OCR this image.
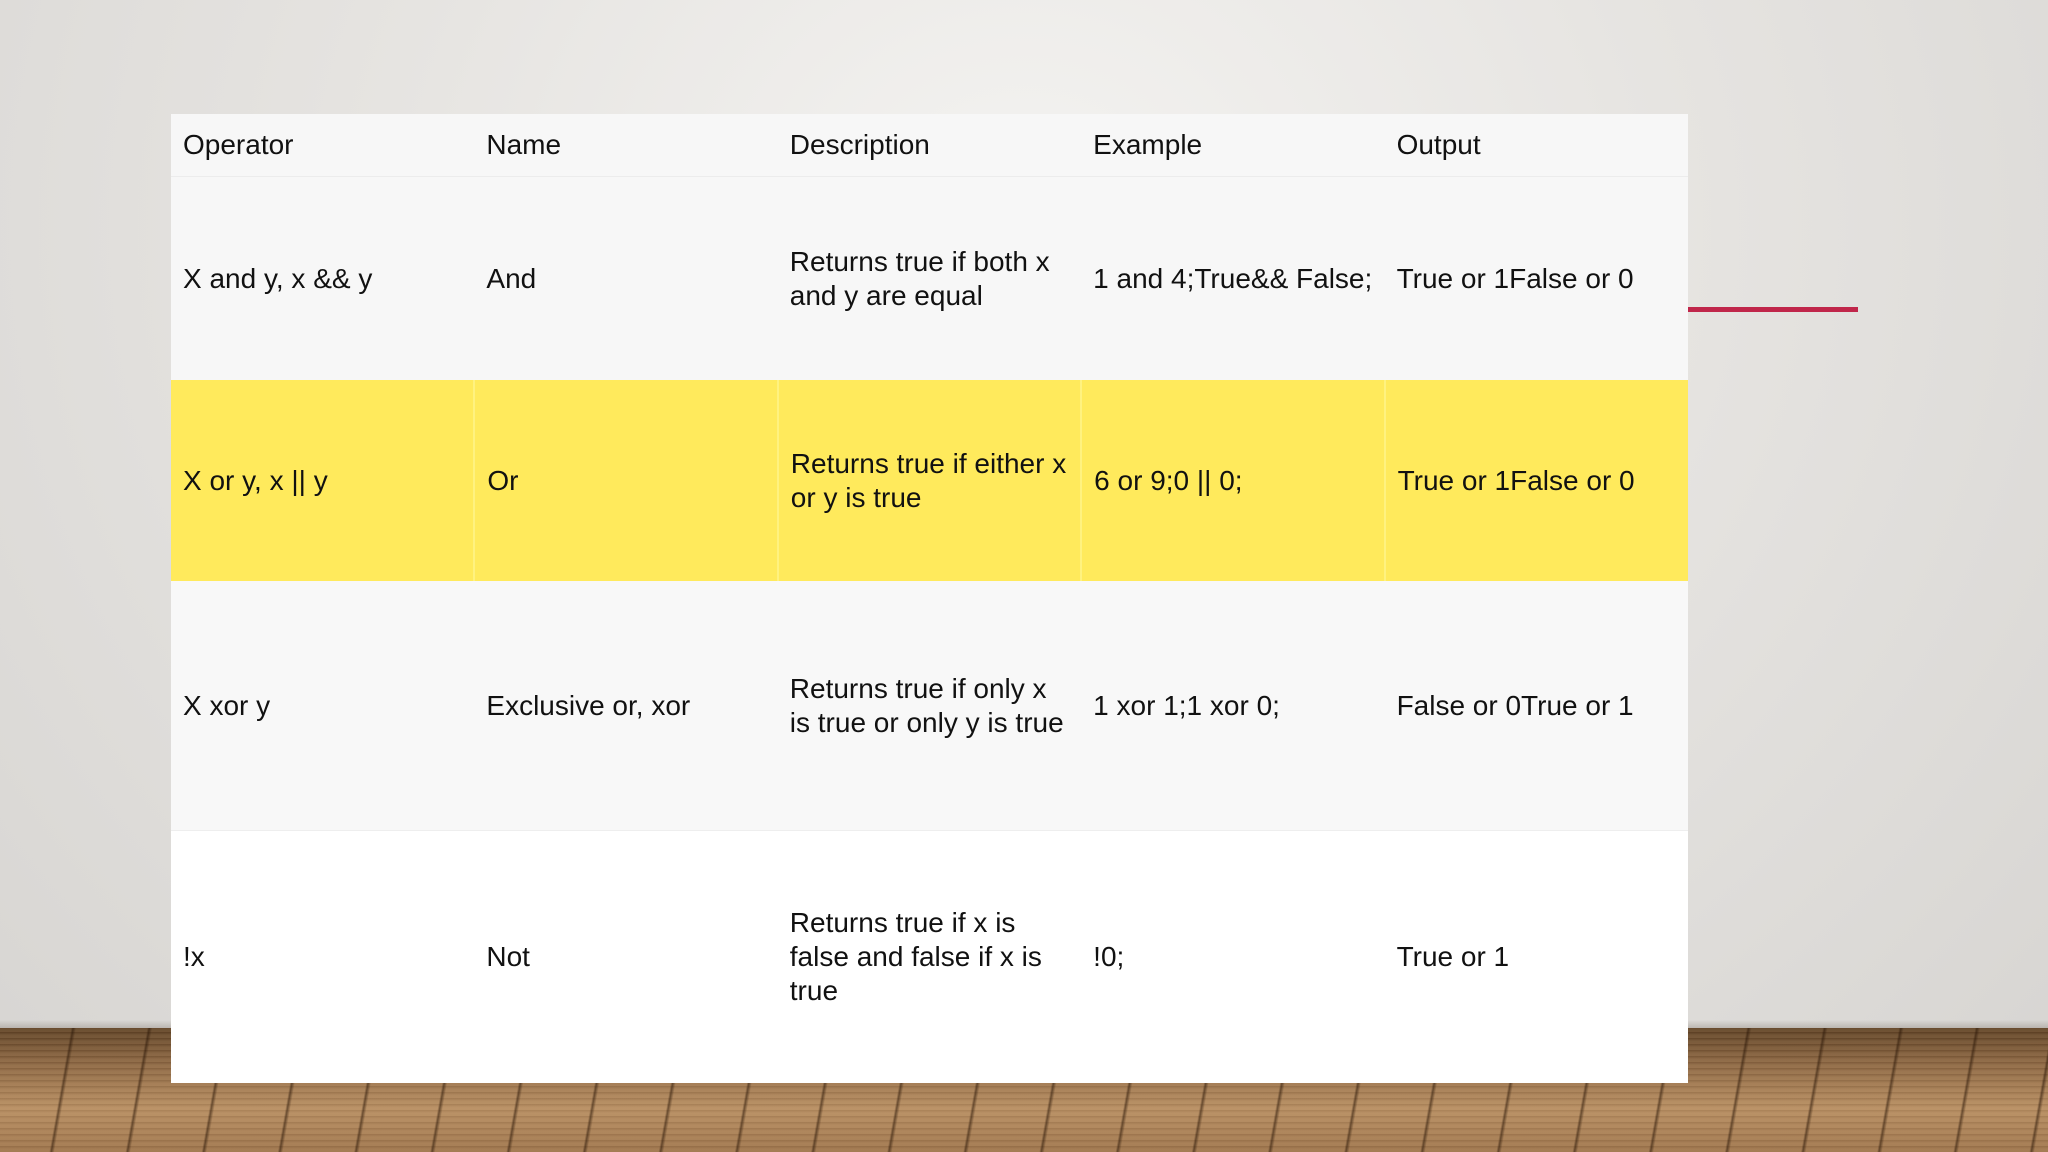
Operator	Name	Description	Example	Output
X and y, x && y	And	Returns true if both x and y are equal	1 and 4;True&& False;	True or 1False or 0
X or y, x || y	Or	Returns true if either x or y is true	6 or 9;0 || 0;	True or 1False or 0
X xor y	Exclusive or, xor	Returns true if only x is true or only y is true	1 xor 1;1 xor 0;	False or 0True or 1
!x	Not	Returns true if x is false and false if x is true	!0;	True or 1
